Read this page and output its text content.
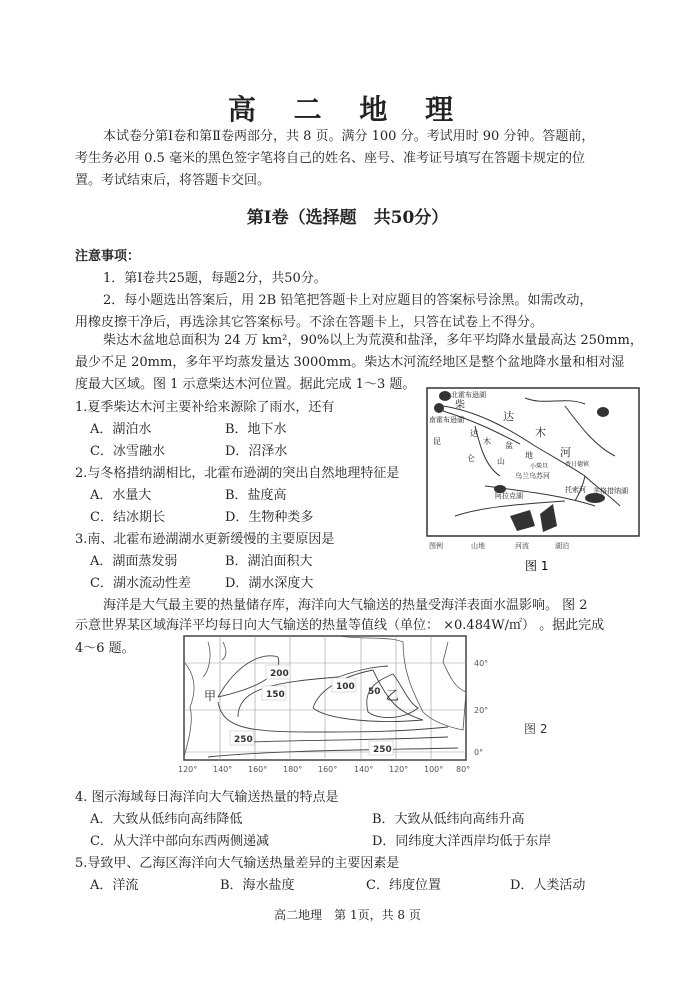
高 二 地 理
本试卷分第Ⅰ卷和第Ⅱ卷两部分，共 8 页。满分 100 分。考试用时 90 分钟。答题前，
考生务必用 0.5 毫米的黑色签字笔将自己的姓名、座号、准考证号填写在答题卡规定的位
置。考试结束后，将答题卡交回。
第Ⅰ卷（选择题　共50分）
注意事项：
1．第Ⅰ卷共25题，每题2分，共50分。
2．每小题选出答案后，用 2B 铅笔把答题卡上对应题目的答案标号涂黑。如需改动，
用橡皮擦干净后，再选涂其它答案标号。不涂在答题卡上，只答在试卷上不得分。
柴达木盆地总面积为 24 万 km²，90%以上为荒漠和盐泽，多年平均降水量最高达 250mm，
最少不足 20mm，多年平均蒸发量达 3000mm。柴达木河流经地区是整个盆地降水量和相对湿
度最大区域。图 1 示意柴达木河位置。据此完成 1～3 题。
1.夏季柴达木河主要补给来源除了雨水，还有
A．湖泊水	B．地下水
C．冰雪融水	D．沼泽水
2.与冬格措纳湖相比，北霍布逊湖的突出自然地理特征是
A．水量大	B．盐度高
C．结冰期长	D．生物种类多
3.南、北霍布逊湖湖水更新缓慢的主要原因是
A．湖面蒸发弱	B．湖泊面积大
C．湖水流动性差	D．湖水深度大
北霍布逊湖
南霍布逊湖
柴
达
木
河
昆
仑	山
达
木 盆
地
小柴旦	香日德镇
乌兰乌苏河
阿拉克湖
托索河 冬格措纳湖
图例	山地	河流	湖泊
图 1
海洋是大气最主要的热量储存库，海洋向大气输送的热量受海洋表面水温影响。 图 2
示意世界某区域海洋平均每日向大气输送的热量等值线（单位： ×0.484W/㎡） 。据此完成
4～6 题。
200
150
100 50
250
250
甲	乙
40°
20°
0°
120° 140° 160° 180° 160° 140° 120° 100° 80°
图 2
4. 图示海域每日海洋向大气输送热量的特点是
A．大致从低纬向高纬降低	B．大致从低纬向高纬升高
C．从大洋中部向东西两侧递减	D．同纬度大洋西岸均低于东岸
5.导致甲、乙海区海洋向大气输送热量差异的主要因素是
A．洋流	B．海水盐度	C．纬度位置	D．人类活动
高二地理　第 1页，共 8 页
